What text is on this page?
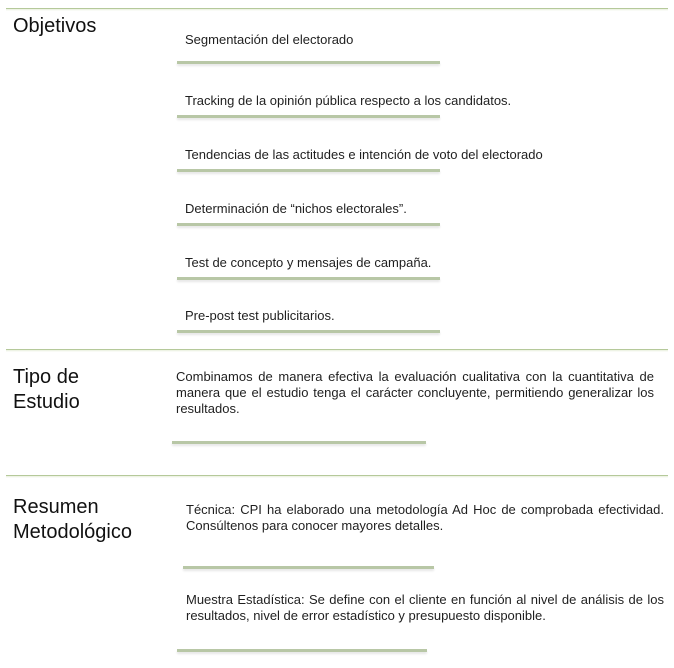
Objetivos
Segmentación del electorado
Tracking de la opinión pública respecto a los candidatos.
Tendencias de las actitudes e intención de voto del electorado
Determinación de “nichos electorales”.
Test de concepto y mensajes de campaña.
Pre-post test publicitarios.
Tipo de
Estudio
Combinamos de manera efectiva la evaluación cualitativa con la cuantitativa de manera que el estudio tenga el carácter concluyente, permitiendo generalizar los resultados.
Resumen
Metodológico
Técnica: CPI ha elaborado una metodología Ad Hoc de comprobada efectividad. Consúltenos para conocer mayores detalles.
Muestra Estadística: Se define con el cliente en función al nivel de análisis de los resultados, nivel de error estadístico y presupuesto disponible.
